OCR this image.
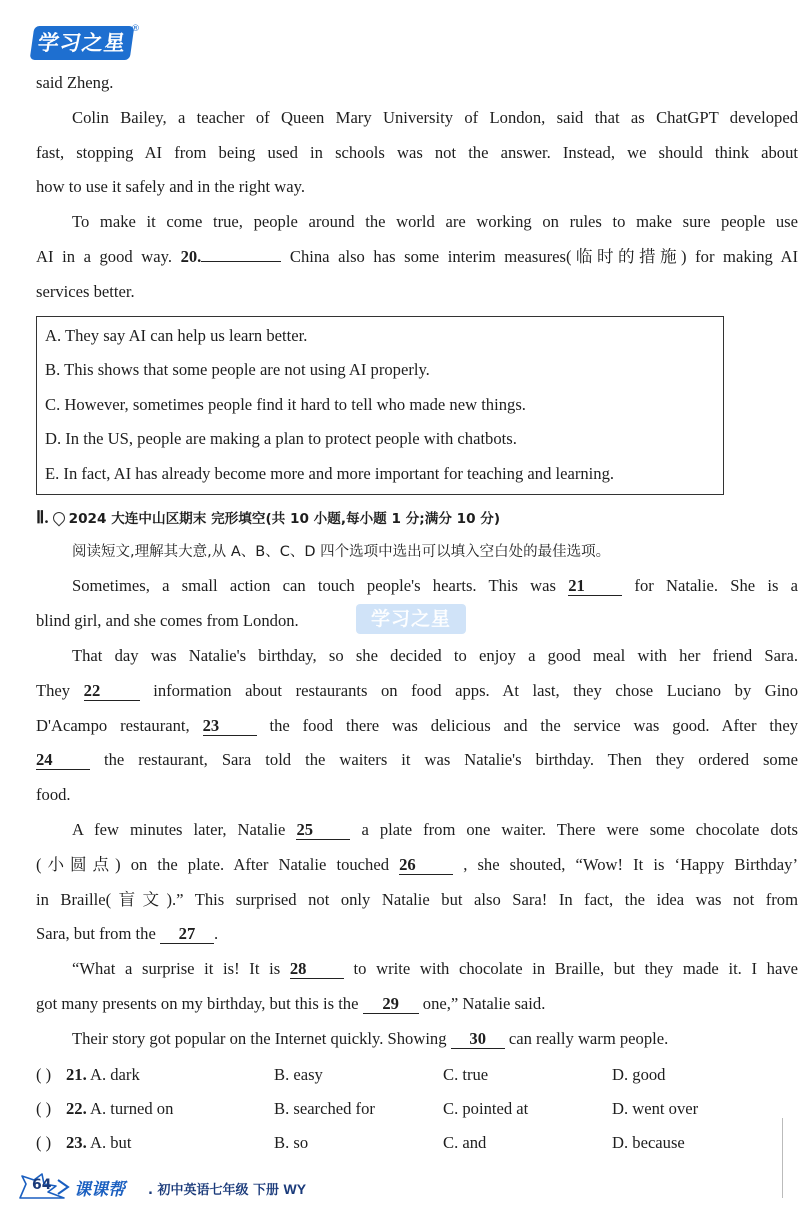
学习之星
®
said Zheng.
Colin Bailey, a teacher of Queen Mary University of London, said that as ChatGPT developed
fast, stopping AI from being used in schools was not the answer. Instead, we should think about
how to use it safely and in the right way.
To make it come true, people around the world are working on rules to make sure people use
AI in a good way. 20.	China also has some interim measures(临时的措施) for making AI
services better.
A. They say AI can help us learn better.
B. This shows that some people are not using AI properly.
C. However, sometimes people find it hard to tell who made new things.
D. In the US, people are making a plan to protect people with chatbots.
E. In fact, AI has already become more and more important for teaching and learning.
Ⅱ. 2024 大连中山区期末 完形填空(共 10 小题,每小题 1 分;满分 10 分)
阅读短文,理解其大意,从 A、B、C、D 四个选项中选出可以填入空白处的最佳选项。
Sometimes, a small action can touch people's hearts. This was 21	for Natalie. She is a
blind girl, and she comes from London.
That day was Natalie's birthday, so she decided to enjoy a good meal with her friend Sara.
They 22	information about restaurants on food apps. At last, they chose Luciano by Gino
D'Acampo restaurant, 23	the food there was delicious and the service was good. After they
24	the restaurant, Sara told the waiters it was Natalie's birthday. Then they ordered some
food.
A few minutes later, Natalie 25	a plate from one waiter. There were some chocolate dots
(小圆点) on the plate. After Natalie touched 26	, she shouted, “Wow! It is ‘Happy Birthday’
in Braille(盲文).” This surprised not only Natalie but also Sara! In fact, the idea was not from
Sara, but from the 27 .
“What a surprise it is! It is 28	to write with chocolate in Braille, but they made it. I have
got many presents on my birthday, but this is the 29 one,” Natalie said.
Their story got popular on the Internet quickly. Showing 30 can really warm people.
学习之星
( ) 21. A. dark	B. easy	C. true	D. good
( ) 22. A. turned on	B. searched for	C. pointed at	D. went over
( ) 23. A. but	B. so	C. and	D. because
64 课课帮 . 初中英语七年级 下册 WY
